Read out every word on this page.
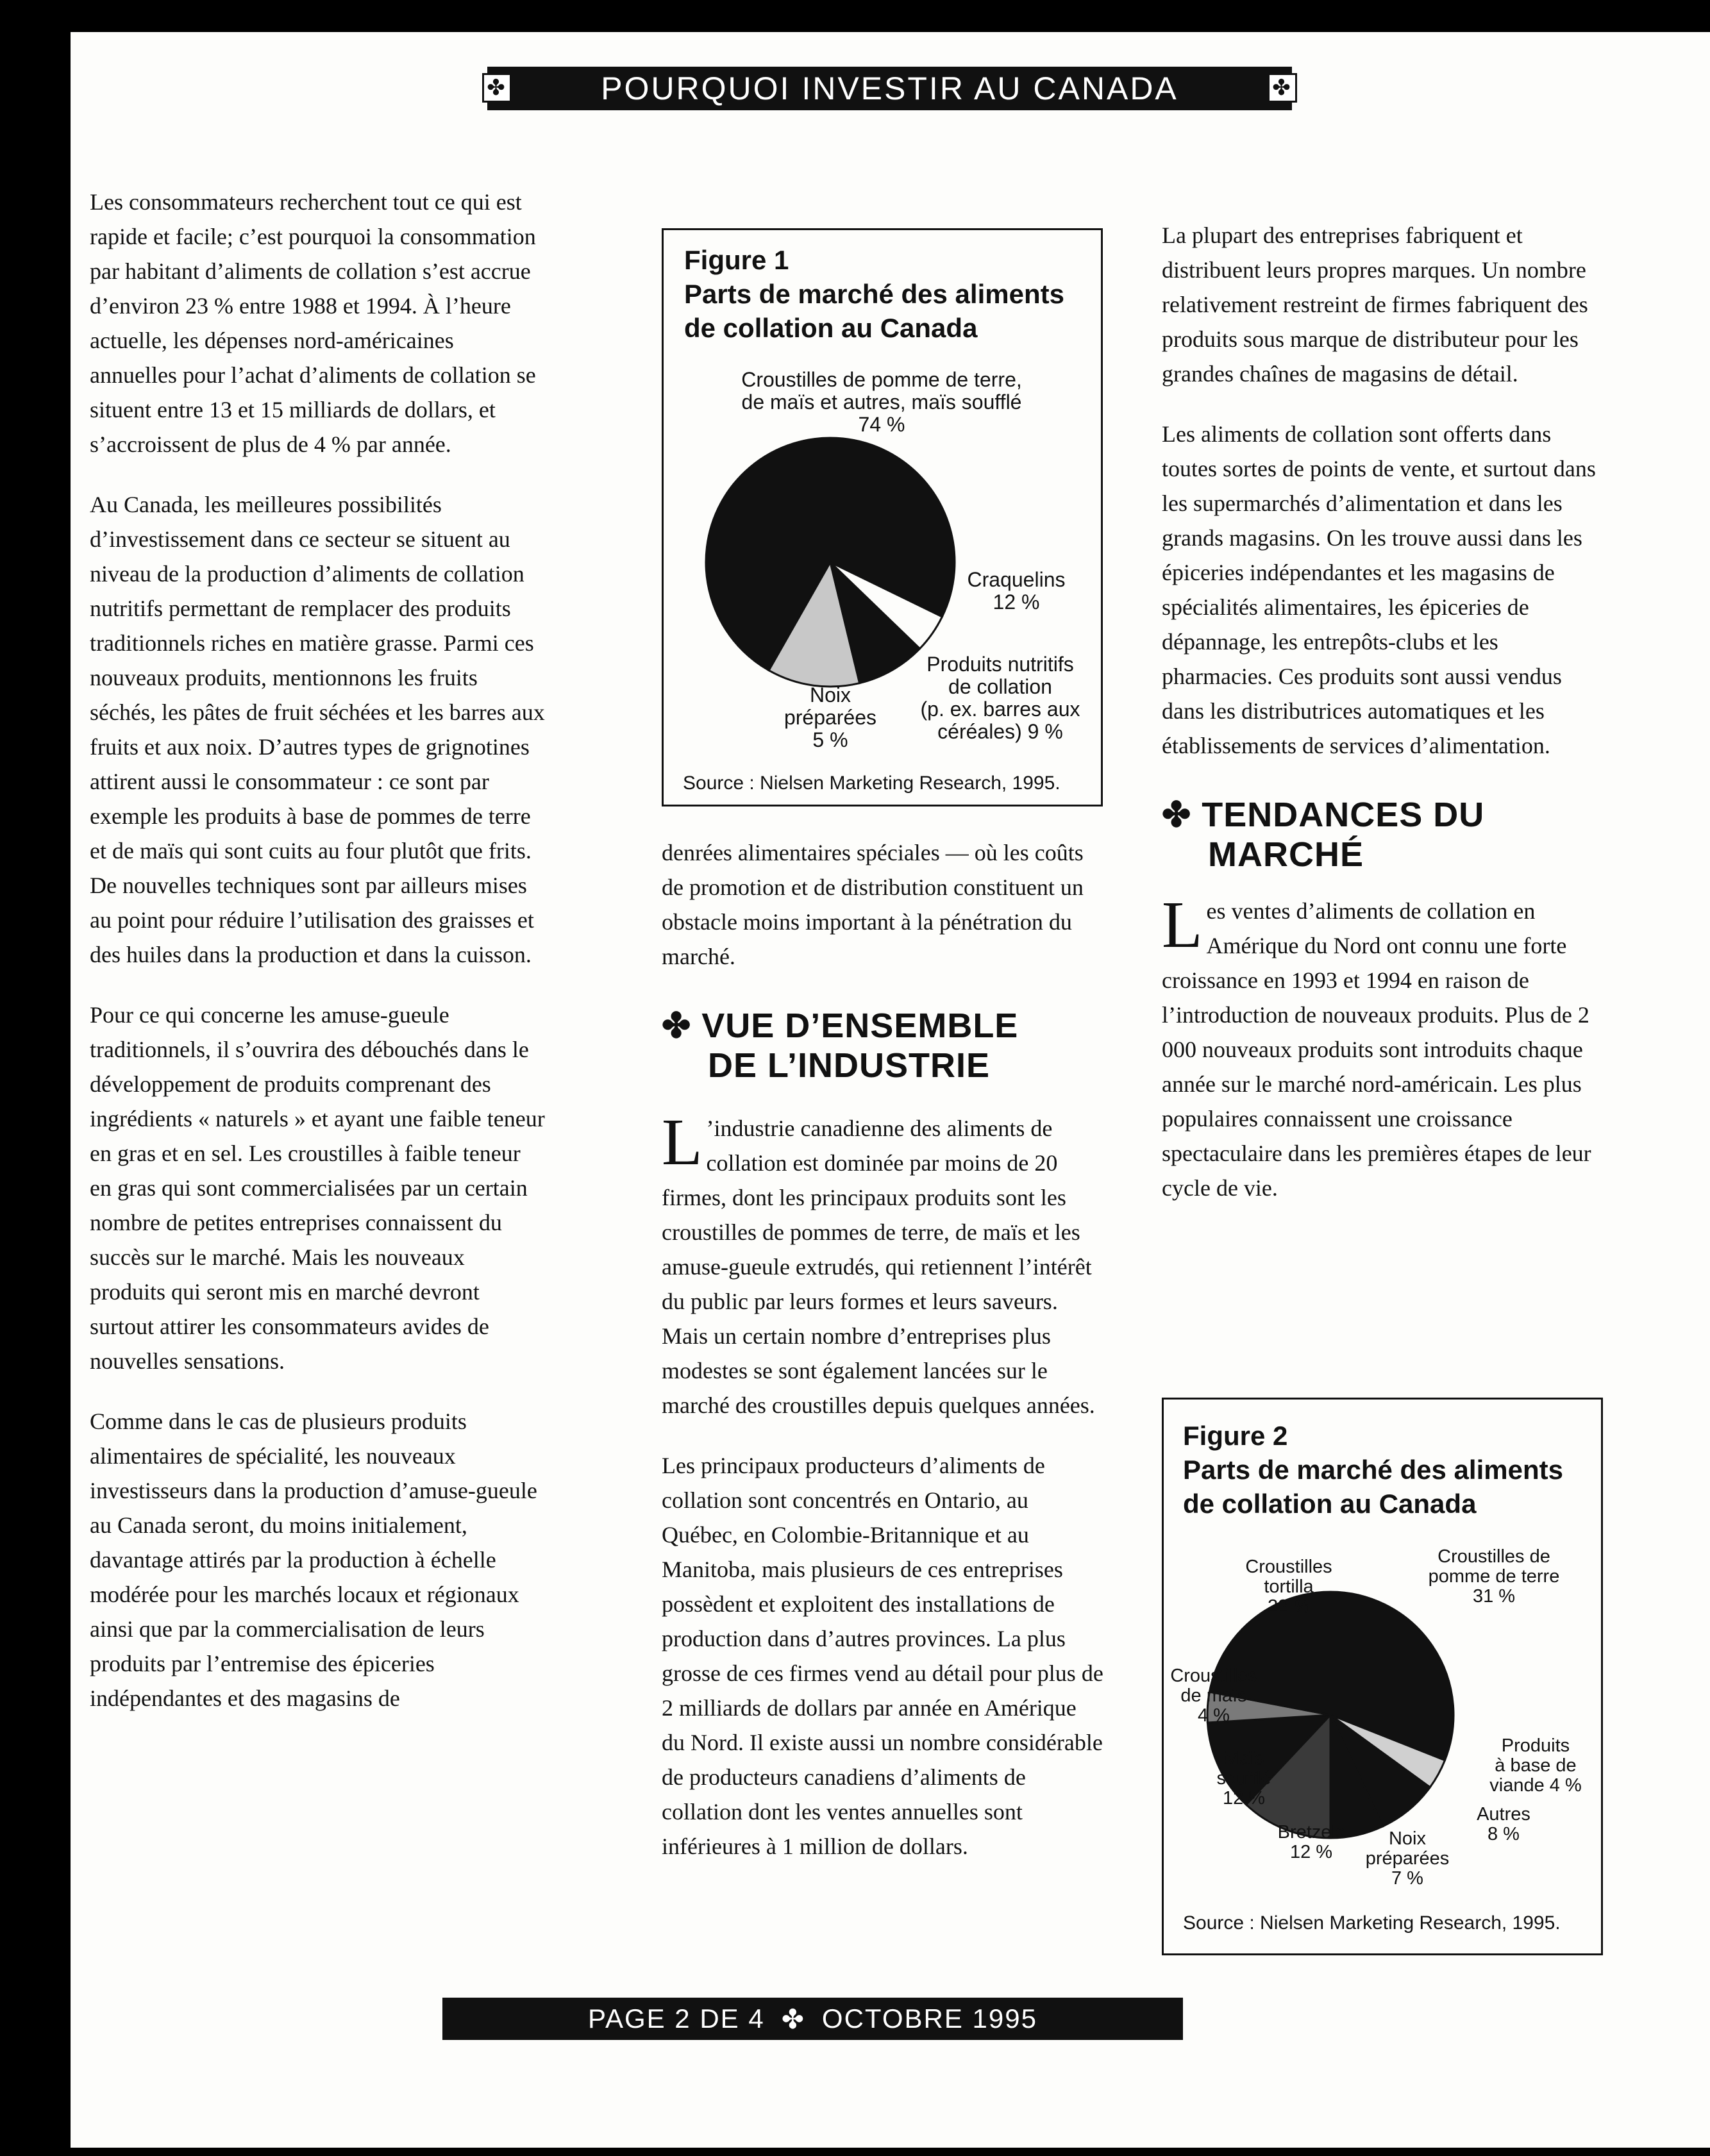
✤	POURQUOI INVESTIR AU CANADA	✤

Les consommateurs recherchent tout ce qui est rapide et facile; c’est pourquoi la consommation par habitant d’aliments de collation s’est accrue d’environ 23 % entre 1988 et 1994. À l’heure actuelle, les dépenses nord-américaines annuelles pour l’achat d’aliments de collation se situent entre 13 et 15 milliards de dollars, et s’accroissent de plus de 4 % par année.

Au Canada, les meilleures possibilités d’investissement dans ce secteur se situent au niveau de la production d’aliments de collation nutritifs permettant de remplacer des produits traditionnels riches en matière grasse. Parmi ces nouveaux produits, mentionnons les fruits séchés, les pâtes de fruit séchées et les barres aux fruits et aux noix. D’autres types de grignotines attirent aussi le consommateur : ce sont par exemple les produits à base de pommes de terre et de maïs qui sont cuits au four plutôt que frits. De nouvelles techniques sont par ailleurs mises au point pour réduire l’utilisation des graisses et des huiles dans la production et dans la cuisson.

Pour ce qui concerne les amuse-gueule traditionnels, il s’ouvrira des débouchés dans le développement de produits comprenant des ingrédients « naturels » et ayant une faible teneur en gras et en sel. Les croustilles à faible teneur en gras qui sont commercialisées par un certain nombre de petites entreprises connaissent du succès sur le marché. Mais les nouveaux produits qui seront mis en marché devront surtout attirer les consommateurs avides de nouvelles sensations.

Comme dans le cas de plusieurs produits alimentaires de spécialité, les nouveaux investisseurs dans la production d’amuse-gueule au Canada seront, du moins initialement, davantage attirés par la production à échelle modérée pour les marchés locaux et régionaux ainsi que par la commercialisation de leurs produits par l’entremise des épiceries indépendantes et des magasins de

Figure 1
Parts de marché des aliments
de collation au Canada
Croustilles de pomme de terre,
de maïs et autres, maïs soufflé
74 %
Craquelins
12 %
Produits nutritifs
de collation
(p. ex. barres aux
céréales) 9 %
Noix
préparées
5 %
Source : Nielsen Marketing Research, 1995.

denrées alimentaires spéciales — où les coûts de promotion et de distribution constituent un obstacle moins important à la pénétration du marché.

✤ VUE D’ENSEMBLE
DE L’INDUSTRIE

L ’industrie canadienne des aliments de collation est dominée par moins de 20 firmes, dont les principaux produits sont les croustilles de pommes de terre, de maïs et les amuse-gueule extrudés, qui retiennent l’intérêt du public par leurs formes et leurs saveurs. Mais un certain nombre d’entreprises plus modestes se sont également lancées sur le marché des croustilles depuis quelques années.

Les principaux producteurs d’aliments de collation sont concentrés en Ontario, au Québec, en Colombie-Britannique et au Manitoba, mais plusieurs de ces entreprises possèdent et exploitent des installations de production dans d’autres provinces. La plus grosse de ces firmes vend au détail pour plus de 2 milliards de dollars par année en Amérique du Nord. Il existe aussi un nombre considérable de producteurs canadiens d’aliments de collation dont les ventes annuelles sont inférieures à 1 million de dollars.

La plupart des entreprises fabriquent et distribuent leurs propres marques. Un nombre relativement restreint de firmes fabriquent des produits sous marque de distributeur pour les grandes chaînes de magasins de détail.

Les aliments de collation sont offerts dans toutes sortes de points de vente, et surtout dans les supermarchés d’alimentation et dans les grands magasins. On les trouve aussi dans les épiceries indépendantes et les magasins de spécialités alimentaires, les épiceries de dépannage, les entrepôts-clubs et les pharmacies. Ces produits sont aussi vendus dans les distributrices automatiques et les établissements de services d’alimentation.

✤ TENDANCES DU
MARCHÉ

Les ventes d’aliments de collation en Amérique du Nord ont connu une forte croissance en 1993 et 1994 en raison de l’introduction de nouveaux produits. Plus de 2 000 nouveaux produits sont introduits chaque année sur le marché nord-américain. Les plus populaires connaissent une croissance spectaculaire dans les premières étapes de leur cycle de vie.

Figure 2
Parts de marché des aliments
de collation au Canada
Croustilles de
pomme de terre
31 %
Produits
à base de
viande 4 %
Autres
8 %
Noix
préparées
7 %
Bretzels
12 %
Maïs
soufflé
12 %
Croustilles
de maïs
4 %
Croustilles
tortilla
22 %
Source : Nielsen Marketing Research, 1995.
PAGE 2 DE 4 ✤ OCTOBRE 1995
